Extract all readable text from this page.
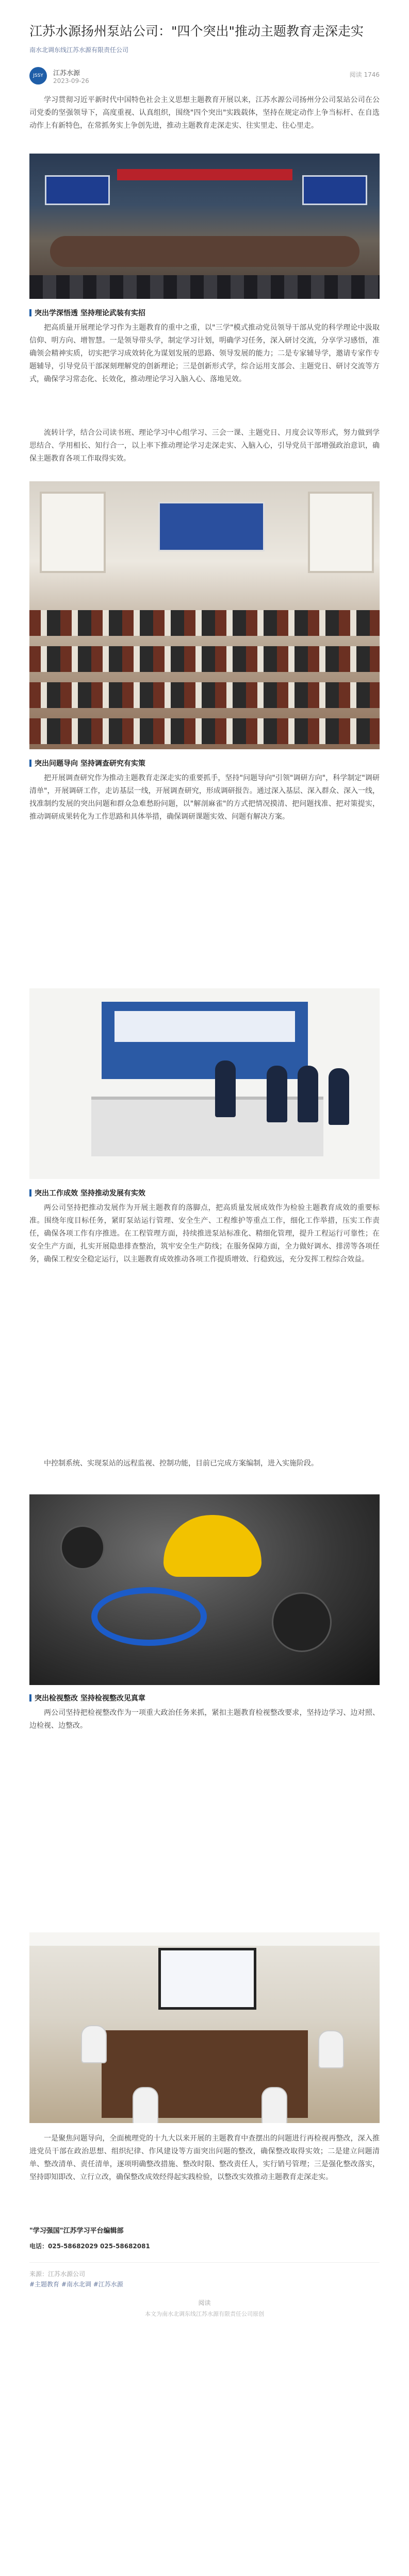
江苏水源扬州泵站公司："四个突出"推动主题教育走深走实
南水北调东线江苏水源有限责任公司
JSSY	江苏水源
2023-09-26
阅读 1746

学习贯彻习近平新时代中国特色社会主义思想主题教育开展以来，江苏水源公司扬州分公司泵站公司在公司党委的坚强领导下，高度重视、认真组织，围绕"四个突出"实践载体，坚持在规定动作上争当标杆、在自选动作上有新特色，在常抓务实上争创先进，推动主题教育走深走实、往实里走、往心里走。

突出学深悟透 坚持理论武装有实招

把高质量开展理论学习作为主题教育的重中之重，以"三学"模式推动党员领导干部从党的科学理论中汲取信仰、明方向、增智慧。一是领导带头学，制定学习计划，明确学习任务，深入研讨交流，分享学习感悟，准确领会精神实质，切实把学习成效转化为谋划发展的思路、领导发展的能力；二是专家辅导学，邀请专家作专题辅导，引导党员干部深刻理解党的创新理论；三是创新形式学，综合运用支部会、主题党日、研讨交流等方式，确保学习常态化、长效化，推动理论学习入脑入心、落地见效。

流转计学，结合公司读书班、理论学习中心组学习、三会一课、主题党日、月度会议等形式，努力做到学思结合、学用相长、知行合一，以上率下推动理论学习走深走实、入脑入心，引导党员干部增强政治意识，确保主题教育各项工作取得实效。

突出问题导向 坚持调查研究有实策

把开展调查研究作为推动主题教育走深走实的重要抓手，坚持"问题导向"引领"调研方向"，科学制定"调研清单"，开展调研工作，走访基层一线，开展调查研究，形成调研报告。通过深入基层、深入群众、深入一线，找准制约发展的突出问题和群众急难愁盼问题，以"解剖麻雀"的方式把情况摸清、把问题找准、把对策提实，推动调研成果转化为工作思路和具体举措，确保调研课题实效、问题有解决方案。

突出工作成效 坚持推动发展有实效

两公司坚持把推动发展作为开展主题教育的落脚点，把高质量发展成效作为检验主题教育成效的重要标准。围绕年度目标任务，紧盯泵站运行管理、安全生产、工程维护等重点工作，细化工作举措，压实工作责任，确保各项工作有序推进。在工程管理方面，持续推进泵站标准化、精细化管理，提升工程运行可靠性；在安全生产方面，扎实开展隐患排查整治，筑牢安全生产防线；在服务保障方面，全力做好调水、排涝等各项任务，确保工程安全稳定运行，以主题教育成效推动各项工作提质增效、行稳致远，充分发挥工程综合效益。

中控制系统、实现泵站的远程监视、控制功能，目前已完成方案编制，进入实施阶段。

突出检视整改 坚持检视整改见真章

两公司坚持把检视整改作为一项重大政治任务来抓，紧扣主题教育检视整改要求，坚持边学习、边对照、边检视、边整改。

一是聚焦问题导向，全面梳理党的十九大以来开展的主题教育中查摆出的问题进行再检视再整改，深入推进党员干部在政治思想、组织纪律、作风建设等方面突出问题的整改，确保整改取得实效；二是建立问题清单、整改清单、责任清单，逐项明确整改措施、整改时限、整改责任人，实行销号管理；三是强化整改落实，坚持即知即改、立行立改，确保整改成效经得起实践检验，以整改实效推动主题教育走深走实。

"学习强国"江苏学习平台编辑部
电话：025-58682029 025-58682081
来源：江苏水源公司
#主题教育 #南水北调 #江苏水源
阅读
本文为南水北调东线江苏水源有限责任公司原创
